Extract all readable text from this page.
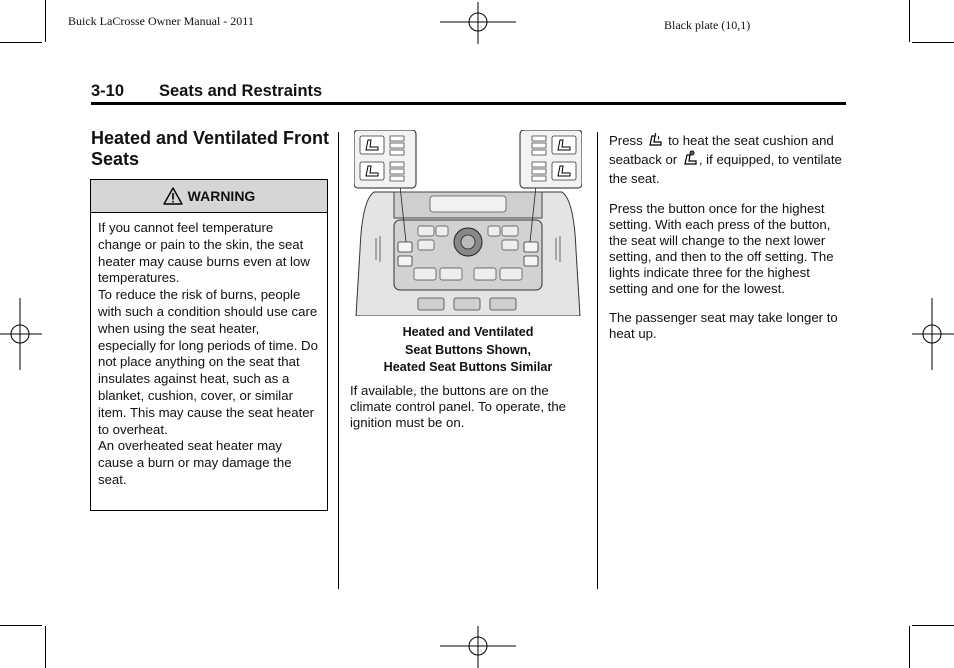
Buick LaCrosse Owner Manual - 2011	Black plate (10,1)
3-10 Seats and Restraints
Heated and Ventilated Front Seats
WARNING

If you cannot feel temperature change or pain to the skin, the seat heater may cause burns even at low temperatures.

To reduce the risk of burns, people with such a condition should use care when using the seat heater, especially for long periods of time. Do not place anything on the seat that insulates against heat, such as a blanket, cushion, cover, or similar item. This may cause the seat heater to overheat.

An overheated seat heater may cause a burn or may damage the seat.

Heated and Ventilated
Seat Buttons Shown,
Heated Seat Buttons Similar
If available, the buttons are on the climate control panel. To operate, the ignition must be on.

Press to heat the seat cushion and seatback or , if equipped, to ventilate the seat.

Press the button once for the highest setting. With each press of the button, the seat will change to the next lower setting, and then to the off setting. The lights indicate three for the highest setting and one for the lowest.

The passenger seat may take longer to heat up.
